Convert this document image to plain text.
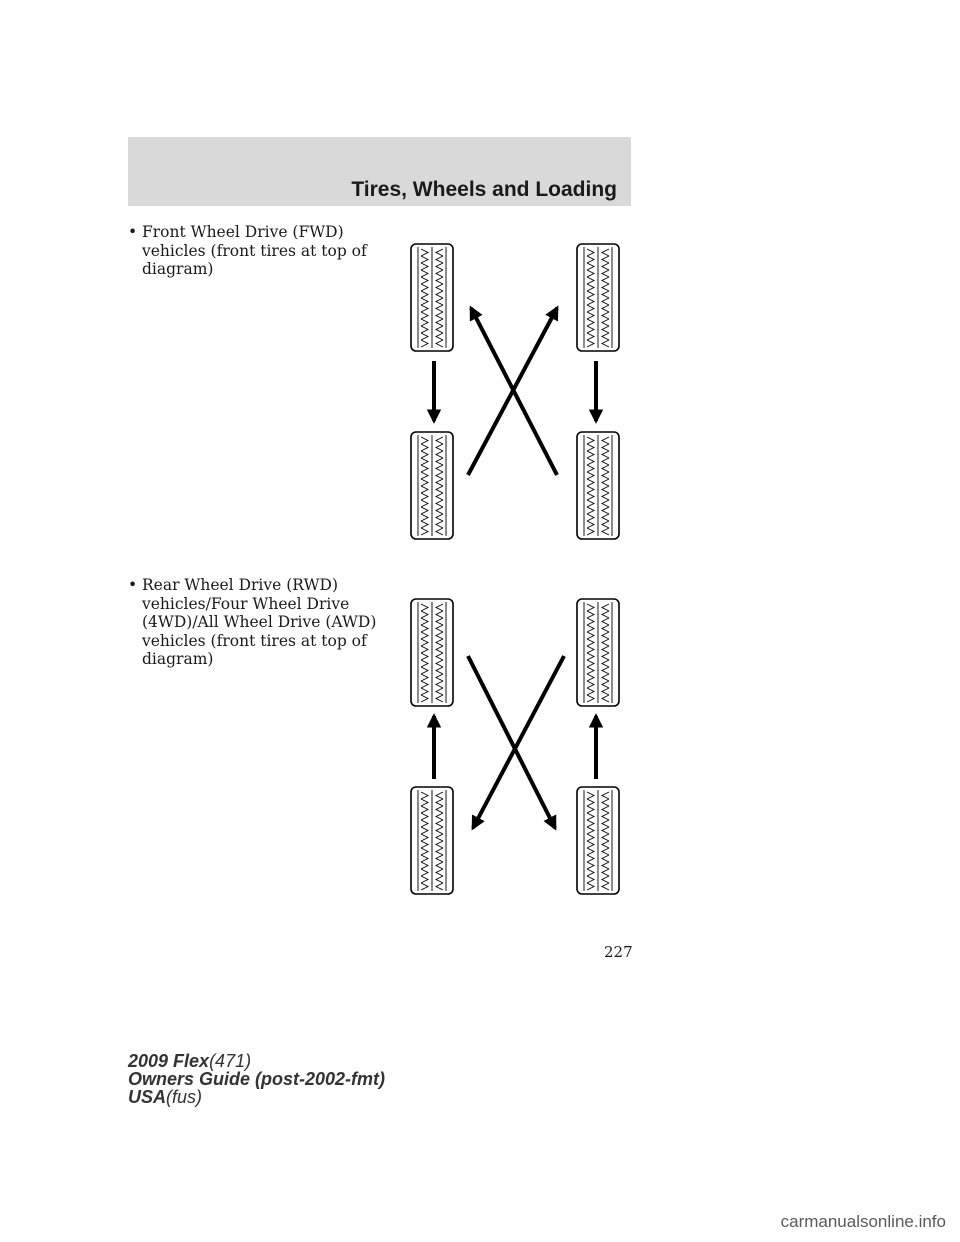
Tires, Wheels and Loading
• Front Wheel Drive (FWD)
vehicles (front tires at top of
diagram)
• Rear Wheel Drive (RWD)
vehicles/Four Wheel Drive
(4WD)/All Wheel Drive (AWD)
vehicles (front tires at top of
diagram)
227
2009 Flex(471)
Owners Guide (post-2002-fmt)
USA(fus)
carmanualsonline.info
